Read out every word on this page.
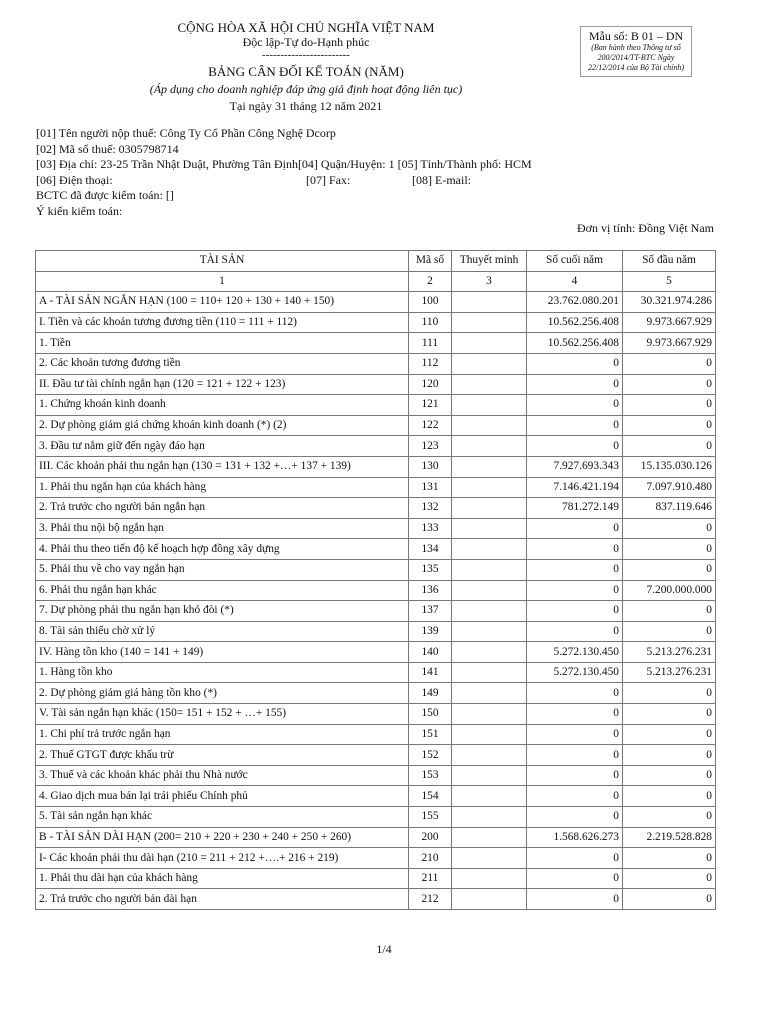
CỘNG HÒA XÃ HỘI CHỦ NGHĨA VIỆT NAM
Độc lập-Tự do-Hạnh phúc
------------------------
BẢNG CÂN ĐỐI KẾ TOÁN (NĂM)
(Áp dụng cho doanh nghiệp đáp ứng giả định hoạt động liên tục)
Tại ngày 31 tháng 12 năm 2021
Mẫu số: B 01 – DN
(Ban hành theo Thông tư số 200/2014/TT-BTC Ngày 22/12/2014 của Bộ Tài chính)
[01] Tên người nộp thuế: Công Ty Cổ Phần Công Nghệ Dcorp
[02] Mã số thuế: 0305798714
[03] Địa chỉ: 23-25 Trần Nhật Duật, Phường Tân Định[04] Quận/Huyện: 1 [05] Tỉnh/Thành phố: HCM
[06] Điện thoại:	[07] Fax:	[08] E-mail:
BCTC đã được kiểm toán: []
Ý kiến kiểm toán:
Đơn vị tính: Đồng Việt Nam
TÀI SẢN	Mã số	Thuyết minh	Số cuối năm	Số đầu năm
1	2	3	4	5
A - TÀI SẢN NGẮN HẠN (100 = 110+ 120 + 130 + 140 + 150)	100		23.762.080.201	30.321.974.286
I. Tiền và các khoản tương đương tiền (110 = 111 + 112)	110		10.562.256.408	9.973.667.929
1. Tiền	111		10.562.256.408	9.973.667.929
2. Các khoản tương đương tiền	112		0	0
II. Đầu tư tài chính ngắn hạn (120 = 121 + 122 + 123)	120		0	0
1. Chứng khoán kinh doanh	121		0	0
2. Dự phòng giảm giá chứng khoán kinh doanh (*) (2)	122		0	0
3. Đầu tư nắm giữ đến ngày đáo hạn	123		0	0
III. Các khoản phải thu ngắn hạn (130 = 131 + 132 +…+ 137 + 139)	130		7.927.693.343	15.135.030.126
1. Phải thu ngắn hạn của khách hàng	131		7.146.421.194	7.097.910.480
2. Trả trước cho người bán ngắn hạn	132		781.272.149	837.119.646
3. Phải thu nội bộ ngắn hạn	133		0	0
4. Phải thu theo tiến độ kế hoạch hợp đồng xây dựng	134		0	0
5. Phải thu về cho vay ngắn hạn	135		0	0
6. Phải thu ngắn hạn khác	136		0	7.200.000.000
7. Dự phòng phải thu ngắn hạn khó đòi (*)	137		0	0
8. Tài sản thiếu chờ xử lý	139		0	0
IV. Hàng tồn kho (140 = 141 + 149)	140		5.272.130.450	5.213.276.231
1. Hàng tồn kho	141		5.272.130.450	5.213.276.231
2. Dự phòng giảm giá hàng tồn kho (*)	149		0	0
V. Tài sản ngắn hạn khác (150= 151 + 152 + …+ 155)	150		0	0
1. Chi phí trả trước ngắn hạn	151		0	0
2. Thuế GTGT được khấu trừ	152		0	0
3. Thuế và các khoản khác phải thu Nhà nước	153		0	0
4. Giao dịch mua bán lại trái phiếu Chính phủ	154		0	0
5. Tài sản ngắn hạn khác	155		0	0
B - TÀI SẢN DÀI HẠN (200= 210 + 220 + 230 + 240 + 250 + 260)	200		1.568.626.273	2.219.528.828
I- Các khoản phải thu dài hạn (210 = 211 + 212 +….+ 216 + 219)	210		0	0
1. Phải thu dài hạn của khách hàng	211		0	0
2. Trả trước cho người bán dài hạn	212		0	0
1/4
